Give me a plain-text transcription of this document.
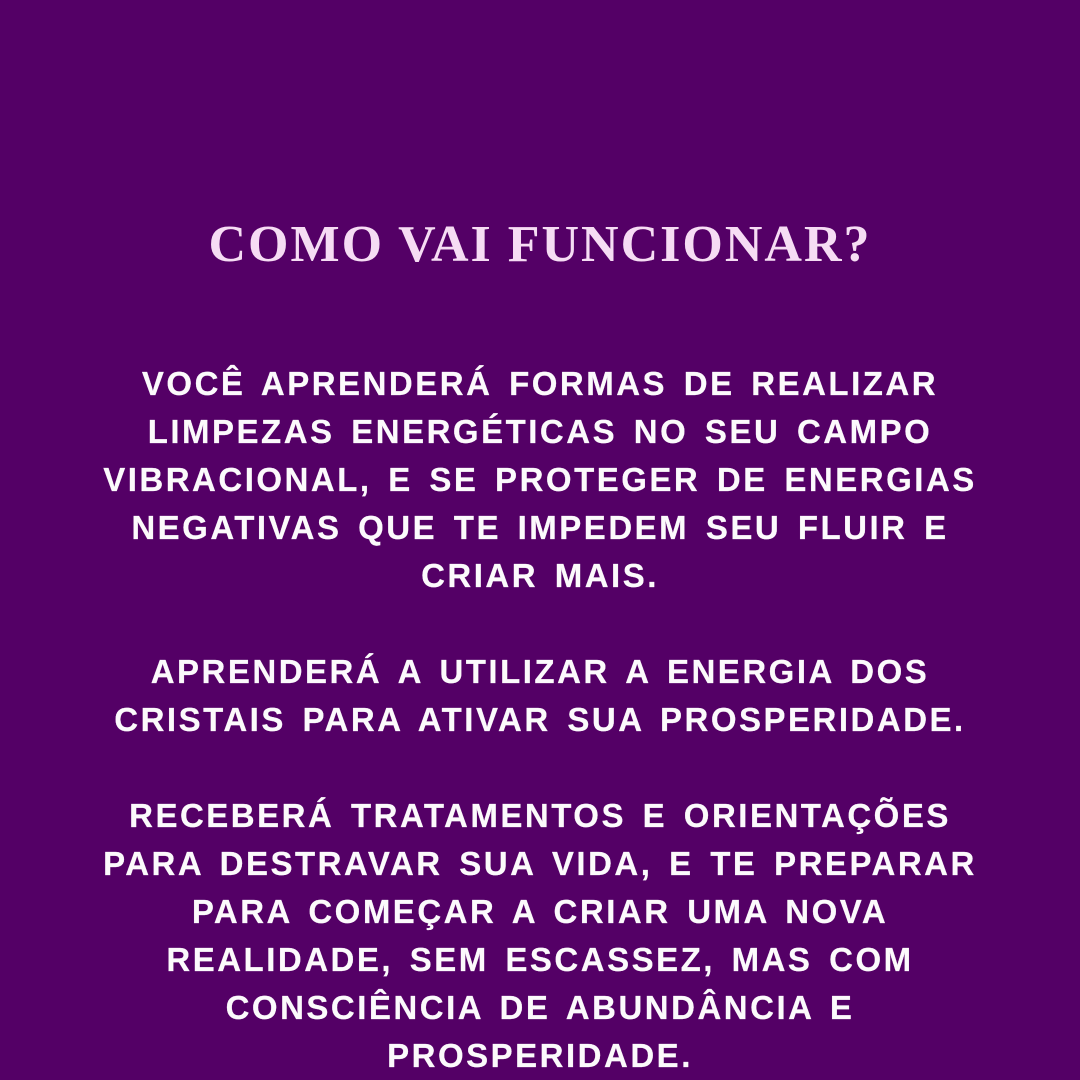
COMO VAI FUNCIONAR?

VOCÊ APRENDERÁ FORMAS DE REALIZAR LIMPEZAS ENERGÉTICAS NO SEU CAMPO VIBRACIONAL, E SE PROTEGER DE ENERGIAS NEGATIVAS QUE TE IMPEDEM SEU FLUIR E CRIAR MAIS.

APRENDERÁ A UTILIZAR A ENERGIA DOS CRISTAIS PARA ATIVAR SUA PROSPERIDADE.

RECEBERÁ TRATAMENTOS E ORIENTAÇÕES PARA DESTRAVAR SUA VIDA, E TE PREPARAR PARA COMEÇAR A CRIAR UMA NOVA REALIDADE, SEM ESCASSEZ, MAS COM CONSCIÊNCIA DE ABUNDÂNCIA E PROSPERIDADE.
